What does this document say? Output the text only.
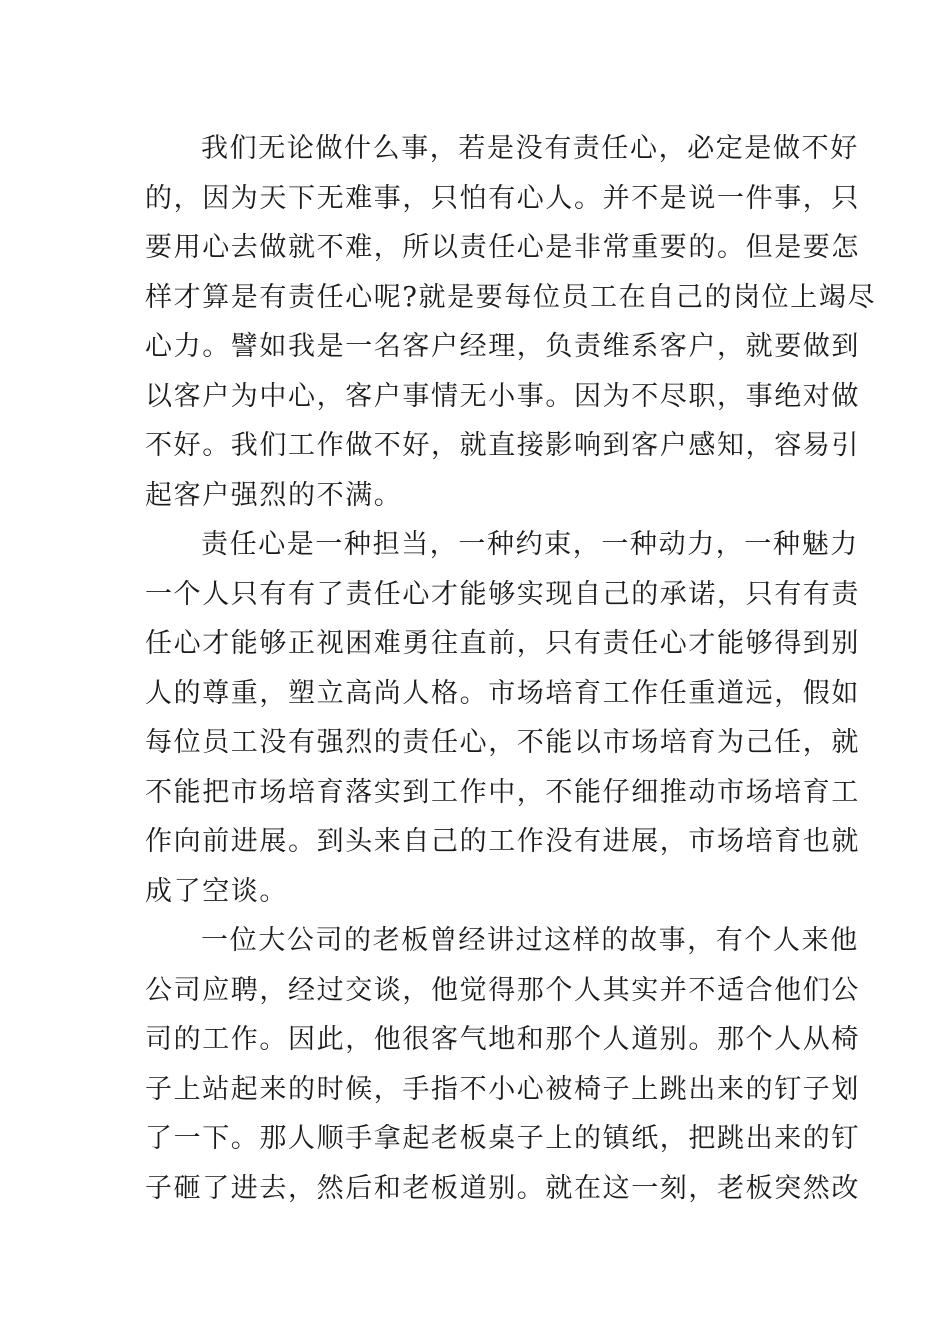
我们无论做什么事，若是没有责任心，必定是做不好
的，因为天下无难事，只怕有心人。并不是说一件事，只
要用心去做就不难，所以责任心是非常重要的。但是要怎
样才算是有责任心呢?就是要每位员工在自己的岗位上竭尽
心力。譬如我是一名客户经理，负责维系客户，就要做到
以客户为中心，客户事情无小事。因为不尽职，事绝对做
不好。我们工作做不好，就直接影响到客户感知，容易引
起客户强烈的不满。

责任心是一种担当，一种约束，一种动力，一种魅力
一个人只有有了责任心才能够实现自己的承诺，只有有责
任心才能够正视困难勇往直前，只有责任心才能够得到别
人的尊重，塑立高尚人格。市场培育工作任重道远，假如
每位员工没有强烈的责任心，不能以市场培育为己任，就
不能把市场培育落实到工作中，不能仔细推动市场培育工
作向前进展。到头来自己的工作没有进展，市场培育也就
成了空谈。

一位大公司的老板曾经讲过这样的故事，有个人来他
公司应聘，经过交谈，他觉得那个人其实并不适合他们公
司的工作。因此，他很客气地和那个人道别。那个人从椅
子上站起来的时候，手指不小心被椅子上跳出来的钉子划
了一下。那人顺手拿起老板桌子上的镇纸，把跳出来的钉
子砸了进去，然后和老板道别。就在这一刻，老板突然改
